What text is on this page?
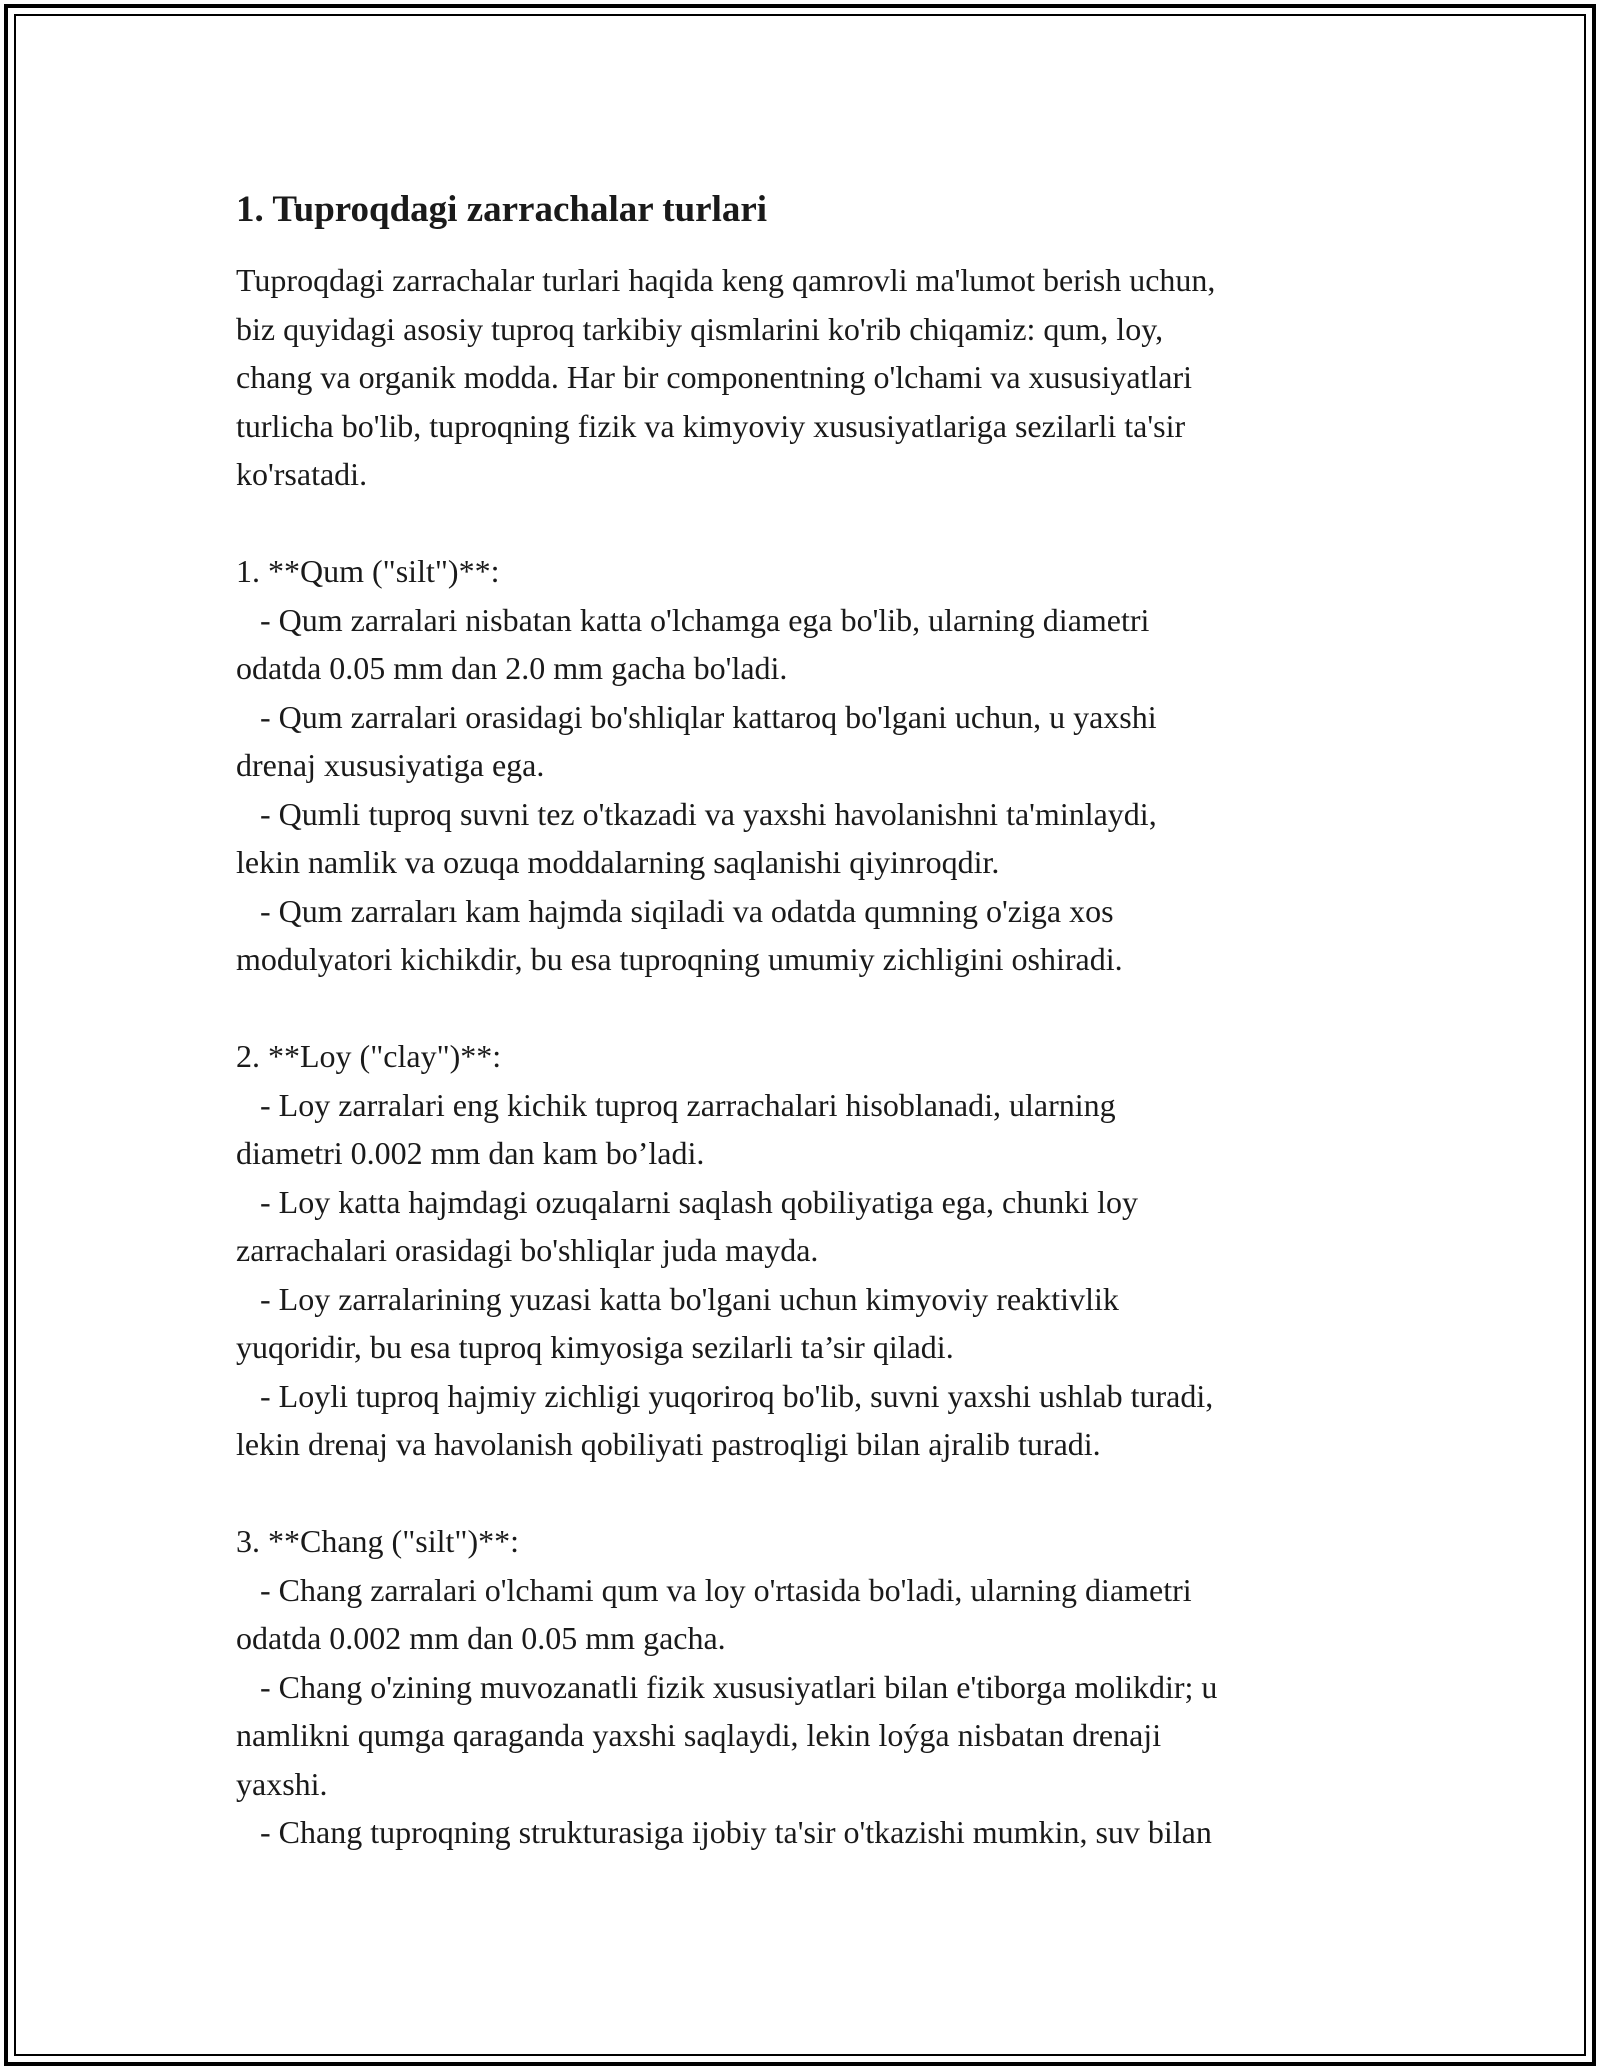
1. Tuproqdagi zarrachalar turlari

Tuproqdagi zarrachalar turlari haqida keng qamrovli ma'lumot berish uchun,
biz quyidagi asosiy tuproq tarkibiy qismlarini ko'rib chiqamiz: qum, loy,
chang va organik modda. Har bir componentning o'lchami va xususiyatlari
turlicha bo'lib, tuproqning fizik va kimyoviy xususiyatlariga sezilarli ta'sir
ko'rsatadi.

1. **Qum ("silt")**:

- Qum zarralari nisbatan katta o'lchamga ega bo'lib, ularning diametri
odatda 0.05 mm dan 2.0 mm gacha bo'ladi.

- Qum zarralari orasidagi bo'shliqlar kattaroq bo'lgani uchun, u yaxshi
drenaj xususiyatiga ega.

- Qumli tuproq suvni tez o'tkazadi va yaxshi havolanishni ta'minlaydi,
lekin namlik va ozuqa moddalarning saqlanishi qiyinroqdir.

- Qum zarraları kam hajmda siqiladi va odatda qumning o'ziga xos
modulyatori kichikdir, bu esa tuproqning umumiy zichligini oshiradi.

2. **Loy ("clay")**:

- Loy zarralari eng kichik tuproq zarrachalari hisoblanadi, ularning
diametri 0.002 mm dan kam bo’ladi.

- Loy katta hajmdagi ozuqalarni saqlash qobiliyatiga ega, chunki loy
zarrachalari orasidagi bo'shliqlar juda mayda.

- Loy zarralarining yuzasi katta bo'lgani uchun kimyoviy reaktivlik
yuqoridir, bu esa tuproq kimyosiga sezilarli ta’sir qiladi.

- Loyli tuproq hajmiy zichligi yuqoriroq bo'lib, suvni yaxshi ushlab turadi,
lekin drenaj va havolanish qobiliyati pastroqligi bilan ajralib turadi.

3. **Chang ("silt")**:

- Chang zarralari o'lchami qum va loy o'rtasida bo'ladi, ularning diametri
odatda 0.002 mm dan 0.05 mm gacha.

- Chang o'zining muvozanatli fizik xususiyatlari bilan e'tiborga molikdir; u
namlikni qumga qaraganda yaxshi saqlaydi, lekin loýga nisbatan drenaji
yaxshi.

- Chang tuproqning strukturasiga ijobiy ta'sir o'tkazishi mumkin, suv bilan
